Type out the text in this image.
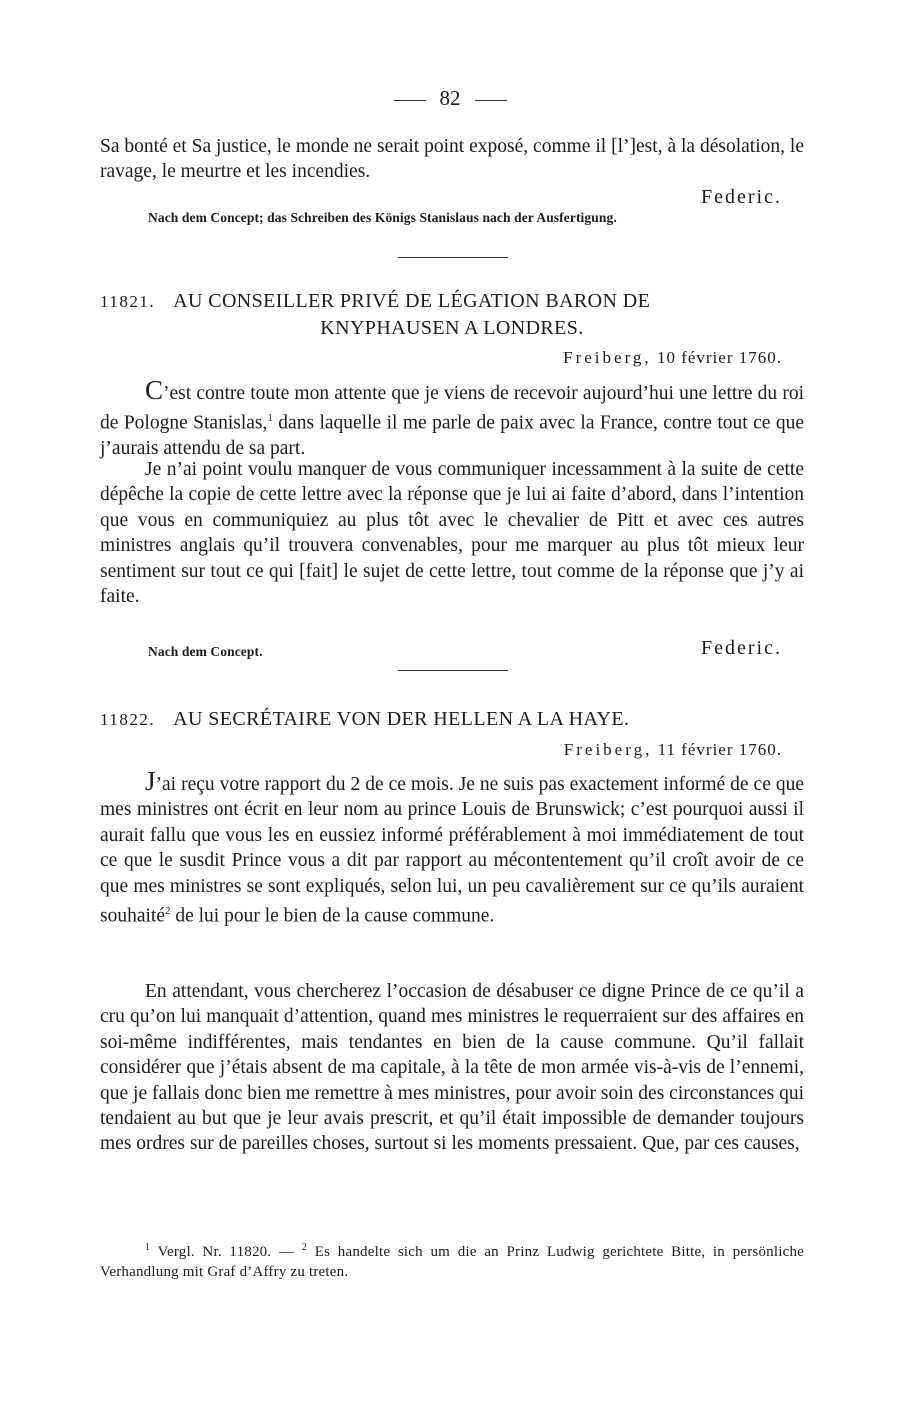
82
Sa bonté et Sa justice, le monde ne serait point exposé, comme il [l’]est, à la désolation, le ravage, le meurtre et les incendies.
Federic.
Nach dem Concept; das Schreiben des Königs Stanislaus nach der Ausfertigung.
11821. AU CONSEILLER PRIVÉ DE LÉGATION BARON DE
KNYPHAUSEN A LONDRES.
Freiberg, 10 février 1760.
C’est contre toute mon attente que je viens de recevoir aujourd’hui une lettre du roi de Pologne Stanislas,$^1$ dans laquelle il me parle de paix avec la France, contre tout ce que j’aurais attendu de sa part.
Je n’ai point voulu manquer de vous communiquer incessamment à la suite de cette dépêche la copie de cette lettre avec la réponse que je lui ai faite d’abord, dans l’intention que vous en communiquiez au plus tôt avec le chevalier de Pitt et avec ces autres ministres anglais qu’il trouvera convenables, pour me marquer au plus tôt mieux leur sentiment sur tout ce qui [fait] le sujet de cette lettre, tout comme de la réponse que j’y ai faite.
Nach dem Concept.	Federic.
11822. AU SECRÉTAIRE VON DER HELLEN A LA HAYE.
Freiberg, 11 février 1760.
J’ai reçu votre rapport du 2 de ce mois. Je ne suis pas exactement informé de ce que mes ministres ont écrit en leur nom au prince Louis de Brunswick; c’est pourquoi aussi il aurait fallu que vous les en eussiez informé préférablement à moi immédiatement de tout ce que le susdit Prince vous a dit par rapport au mécontentement qu’il croît avoir de ce que mes ministres se sont expliqués, selon lui, un peu cavalièrement sur ce qu’ils auraient souhaité$^2$ de lui pour le bien de la cause commune.
En attendant, vous chercherez l’occasion de désabuser ce digne Prince de ce qu’il a cru qu’on lui manquait d’attention, quand mes ministres le requerraient sur des affaires en soi-même indifférentes, mais tendantes en bien de la cause commune. Qu’il fallait considérer que j’étais absent de ma capitale, à la tête de mon armée vis-à-vis de l’ennemi, que je fallais donc bien me remettre à mes ministres, pour avoir soin des circonstances qui tendaient au but que je leur avais prescrit, et qu’il était impossible de demander toujours mes ordres sur de pareilles choses, surtout si les moments pressaient. Que, par ces causes,
$^1$ Vergl. Nr. 11820. — $^2$ Es handelte sich um die an Prinz Ludwig gerichtete Bitte, in persönliche Verhandlung mit Graf d’Affry zu treten.
